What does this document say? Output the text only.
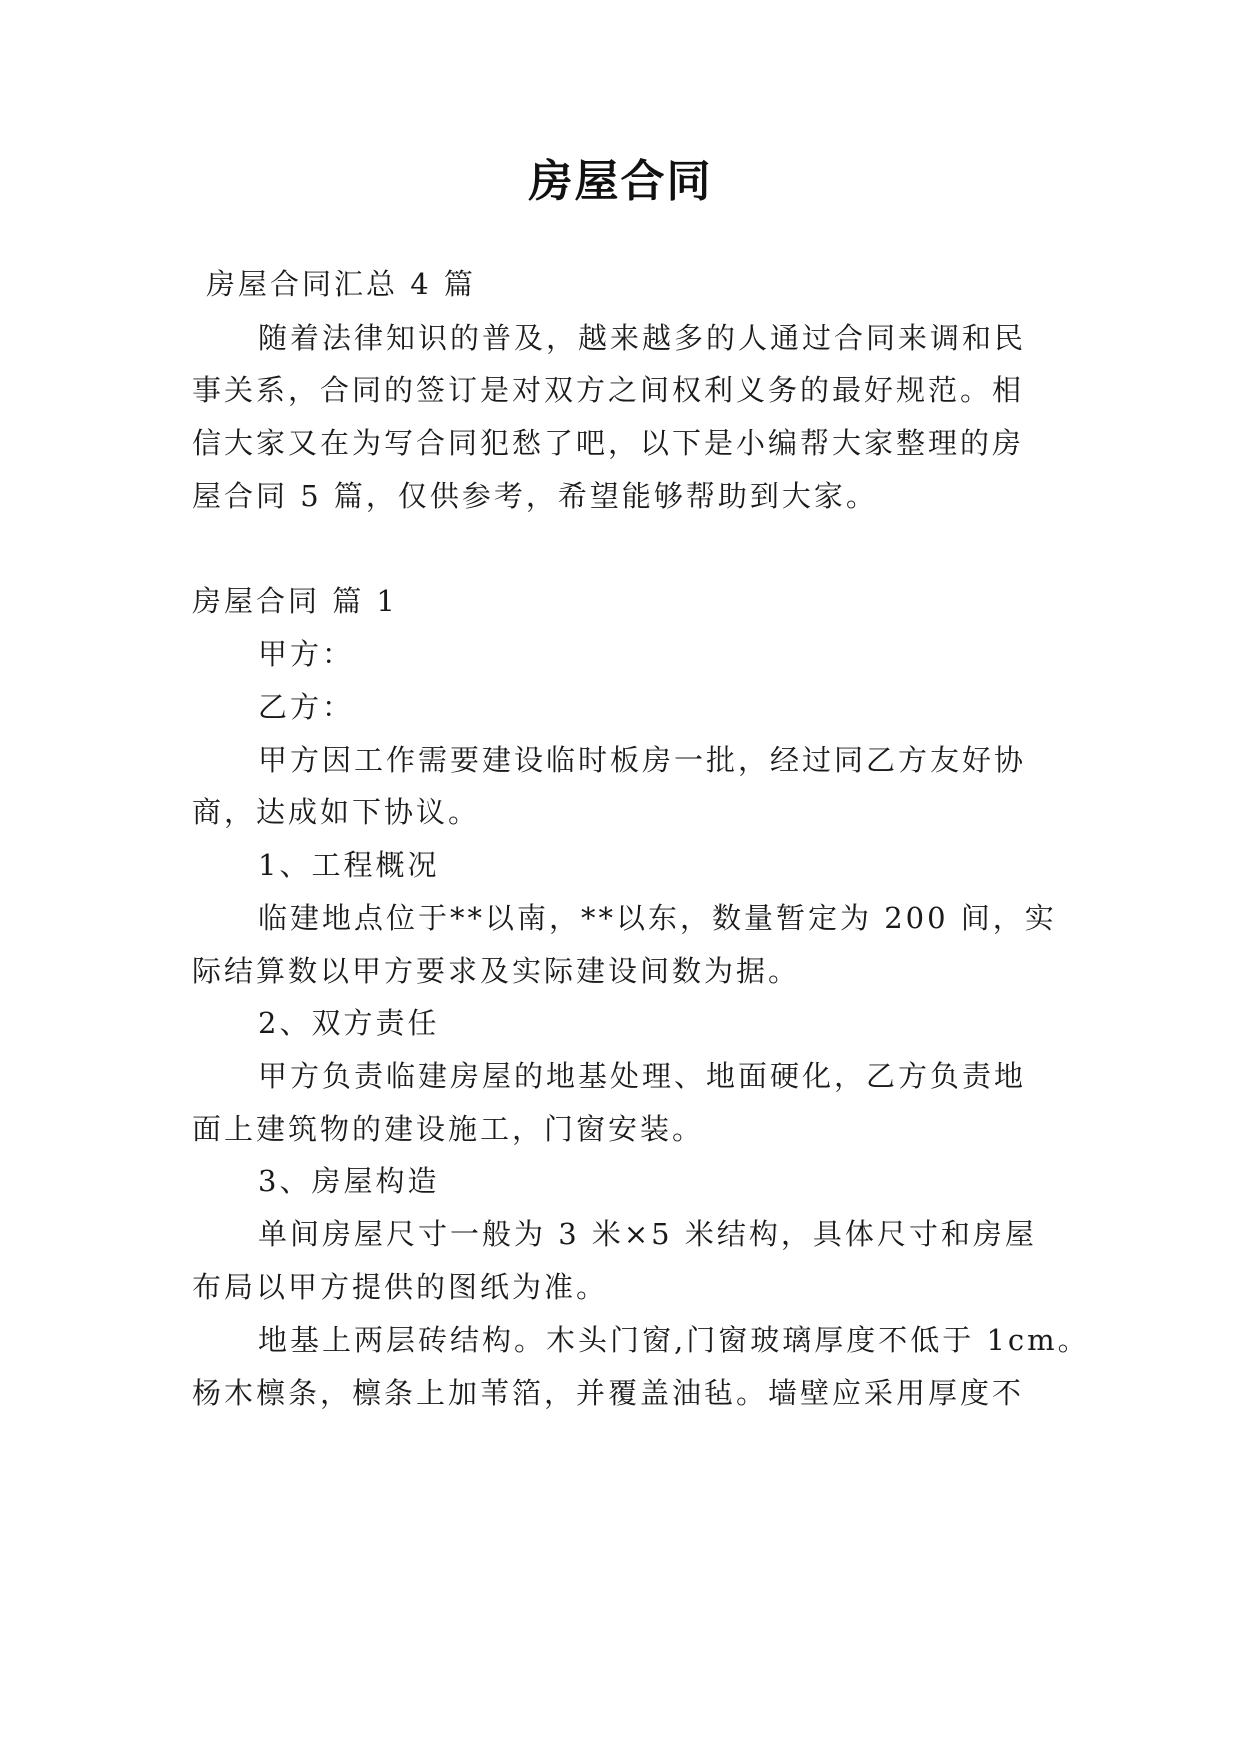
房屋合同
房屋合同汇总 4 篇
随着法律知识的普及，越来越多的人通过合同来调和民
事关系，合同的签订是对双方之间权利义务的最好规范。相
信大家又在为写合同犯愁了吧，以下是小编帮大家整理的房
屋合同 5 篇，仅供参考，希望能够帮助到大家。
房屋合同 篇 1
甲方：
乙方：
甲方因工作需要建设临时板房一批，经过同乙方友好协
商，达成如下协议。
1、工程概况
临建地点位于**以南，**以东，数量暂定为 200 间，实
际结算数以甲方要求及实际建设间数为据。
2、双方责任
甲方负责临建房屋的地基处理、地面硬化，乙方负责地
面上建筑物的建设施工，门窗安装。
3、房屋构造
单间房屋尺寸一般为 3 米×5 米结构，具体尺寸和房屋
布局以甲方提供的图纸为准。
地基上两层砖结构。木头门窗,门窗玻璃厚度不低于 1cm。
杨木檩条，檩条上加苇箔，并覆盖油毡。墙壁应采用厚度不
